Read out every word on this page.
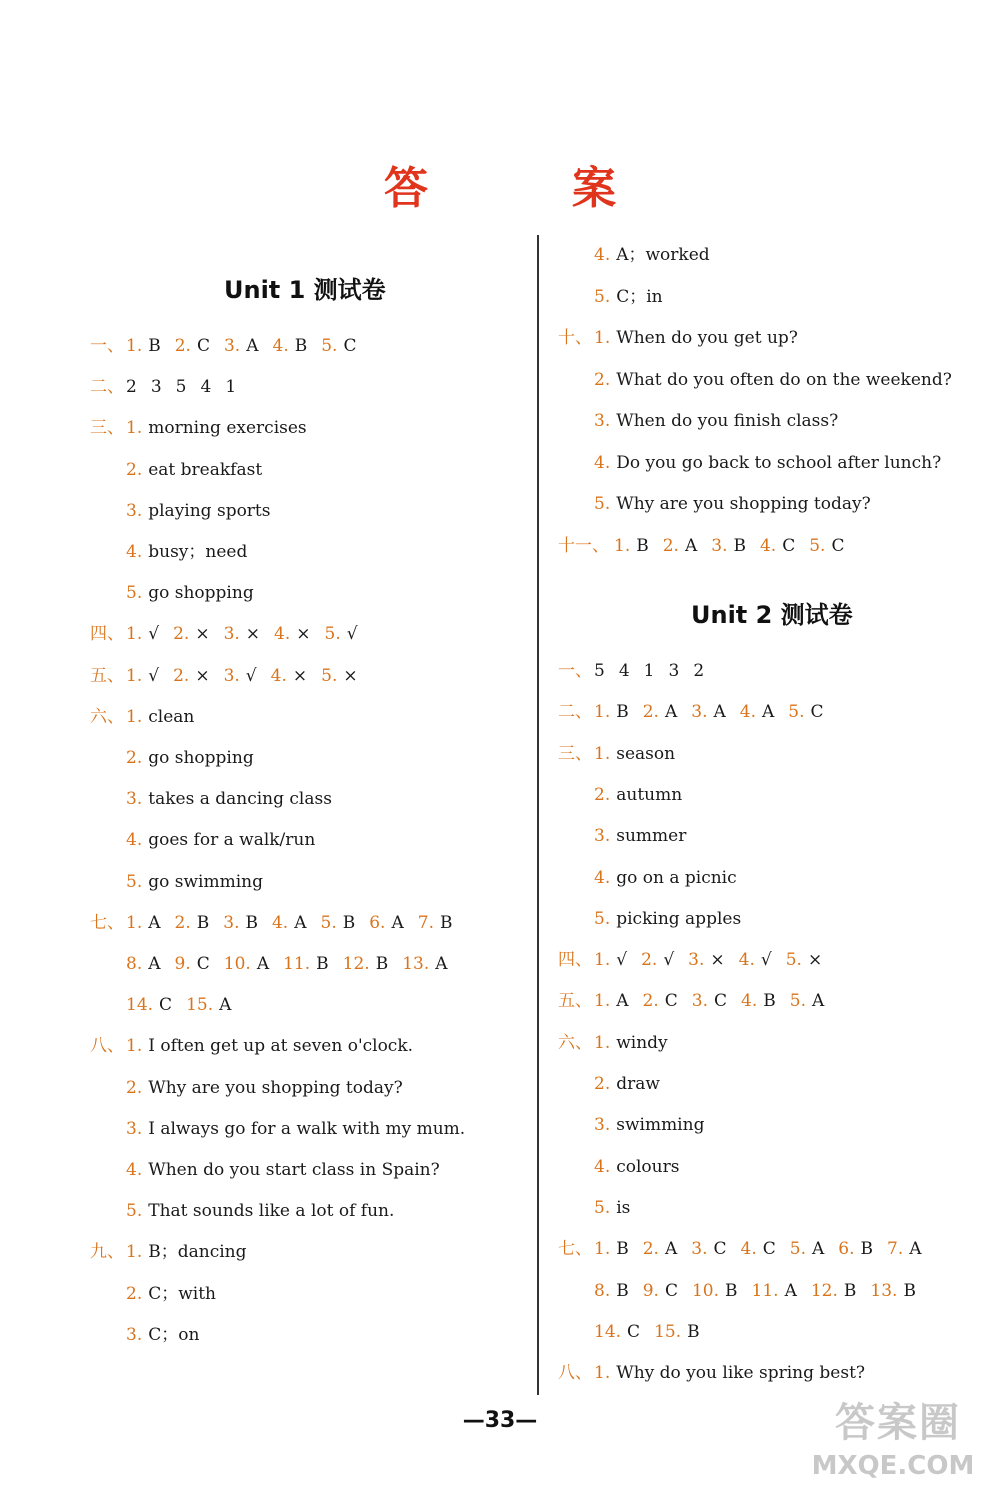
答　案
Unit 1 测试卷
Unit 2 测试卷
一、 1. B 2. C 3. A 4. B 5. C
二、 2 3 5 4 1
三、 1. morning exercises
2. eat breakfast
3. playing sports
4. busy；need
5. go shopping
四、 1. √ 2. × 3. × 4. × 5. √
五、 1. √ 2. × 3. √ 4. × 5. ×
六、 1. clean
2. go shopping
3. takes a dancing class
4. goes for a walk/run
5. go swimming
七、 1. A 2. B 3. B 4. A 5. B 6. A 7. B
8. A 9. C 10. A 11. B 12. B 13. A
14. C 15. A
八、 1. I often get up at seven o'clock.
2. Why are you shopping today?
3. I always go for a walk with my mum.
4. When do you start class in Spain?
5. That sounds like a lot of fun.
九、 1. B；dancing
2. C；with
3. C；on
4. A；worked
5. C；in
十、 1. When do you get up?
2. What do you often do on the weekend?
3. When do you finish class?
4. Do you go back to school after lunch?
5. Why are you shopping today?
十一、 1. B 2. A 3. B 4. C 5. C
一、 5 4 1 3 2
二、 1. B 2. A 3. A 4. A 5. C
三、 1. season
2. autumn
3. summer
4. go on a picnic
5. picking apples
四、 1. √ 2. √ 3. × 4. √ 5. ×
五、 1. A 2. C 3. C 4. B 5. A
六、 1. windy
2. draw
3. swimming
4. colours
5. is
七、 1. B 2. A 3. C 4. C 5. A 6. B 7. A
8. B 9. C 10. B 11. A 12. B 13. B
14. C 15. B
八、 1. Why do you like spring best?
—33—	答案圈
MXQE.COM
